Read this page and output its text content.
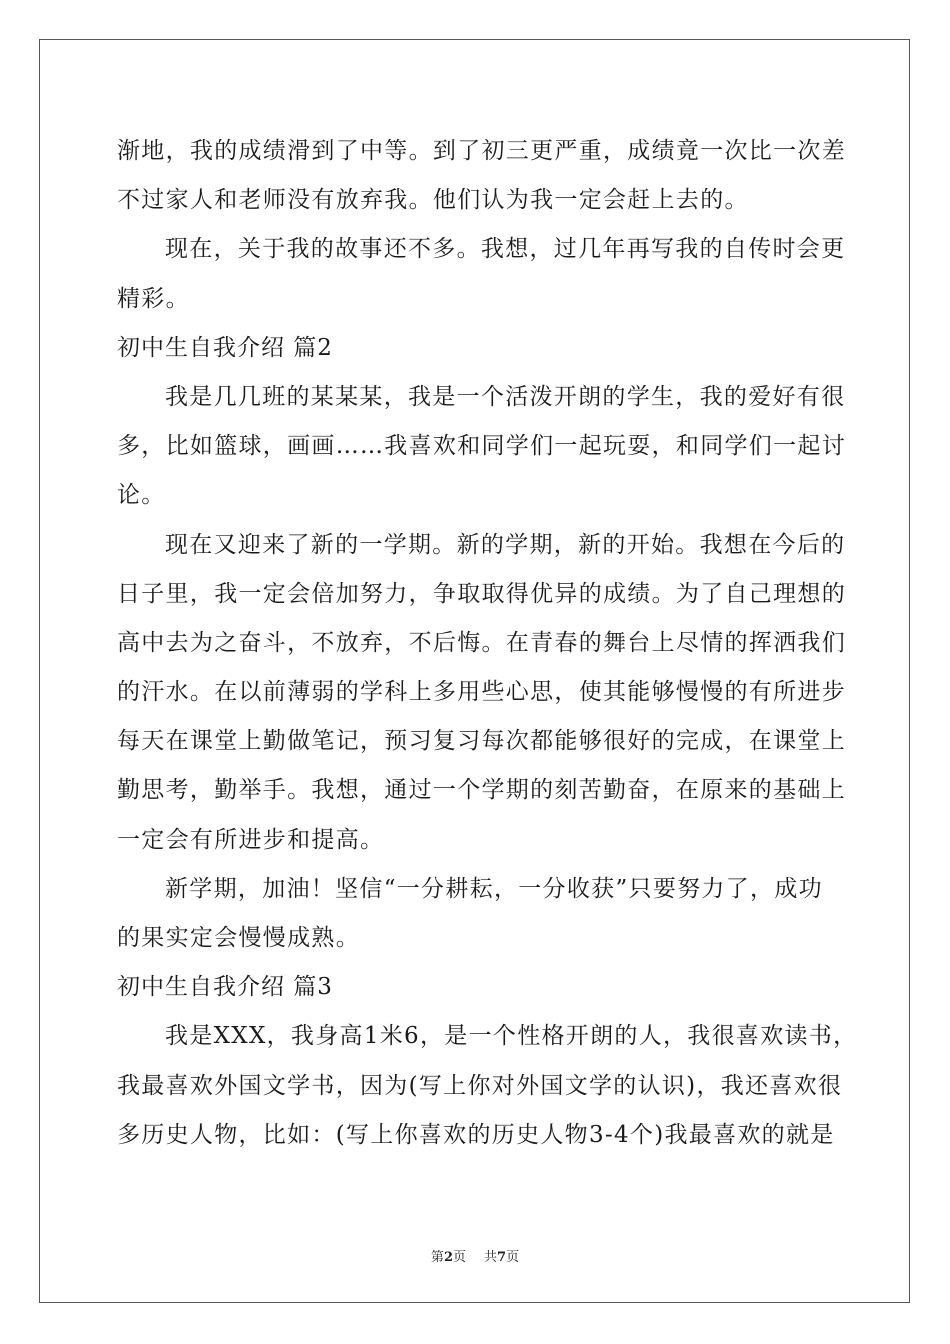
渐地，我的成绩滑到了中等。到了初三更严重，成绩竟一次比一次差
不过家人和老师没有放弃我。他们认为我一定会赶上去的。
现在，关于我的故事还不多。我想，过几年再写我的自传时会更
精彩。
初中生自我介绍 篇2
我是几几班的某某某，我是一个活泼开朗的学生，我的爱好有很
多，比如篮球，画画……我喜欢和同学们一起玩耍，和同学们一起讨
论。
现在又迎来了新的一学期。新的学期，新的开始。我想在今后的
日子里，我一定会倍加努力，争取取得优异的成绩。为了自己理想的
高中去为之奋斗，不放弃，不后悔。在青春的舞台上尽情的挥洒我们
的汗水。在以前薄弱的学科上多用些心思，使其能够慢慢的有所进步
每天在课堂上勤做笔记，预习复习每次都能够很好的完成，在课堂上
勤思考，勤举手。我想，通过一个学期的刻苦勤奋，在原来的基础上
一定会有所进步和提高。
新学期，加油！坚信“一分耕耘，一分收获”只要努力了，成功
的果实定会慢慢成熟。
初中生自我介绍 篇3
我是XXX，我身高1米6，是一个性格开朗的人，我很喜欢读书，
我最喜欢外国文学书，因为(写上你对外国文学的认识)，我还喜欢很
多历史人物，比如：(写上你喜欢的历史人物3-4个)我最喜欢的就是
第2页 共7页
